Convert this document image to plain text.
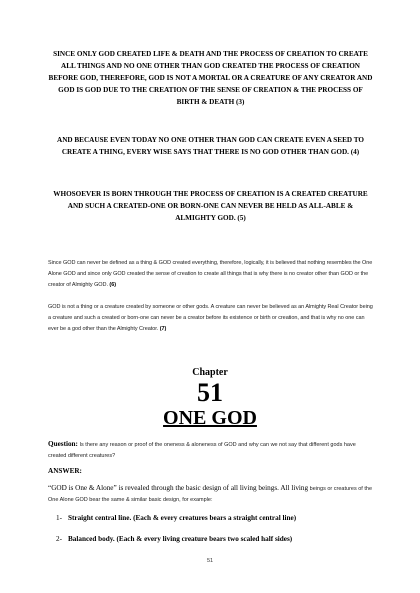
SINCE ONLY GOD CREATED LIFE & DEATH AND THE PROCESS OF CREATION TO CREATE ALL THINGS AND NO ONE OTHER THAN GOD CREATED THE PROCESS OF CREATION BEFORE GOD, THEREFORE, GOD IS NOT A MORTAL OR A CREATURE OF ANY CREATOR AND GOD IS GOD DUE TO THE CREATION OF THE SENSE OF CREATION & THE PROCESS OF BIRTH & DEATH (3)
AND BECAUSE EVEN TODAY NO ONE OTHER THAN GOD CAN CREATE EVEN A SEED TO CREATE A THING, EVERY WISE SAYS THAT THERE IS NO GOD OTHER THAN GOD. (4)
WHOSOEVER IS BORN THROUGH THE PROCESS OF CREATION IS A CREATED CREATURE AND SUCH A CREATED-ONE OR BORN-ONE CAN NEVER BE HELD AS ALL-ABLE & ALMIGHTY GOD. (5)
Since GOD can never be defined as a thing & GOD created everything, therefore, logically, it is believed that nothing resembles the One Alone GOD and since only GOD created the sense of creation to create all things that is why there is no creator other than GOD or the creator of Almighty GOD. (6)
GOD is not a thing or a creature created by someone or other gods. A creature can never be believed as an Almighty Real Creator being a creature and such a created or born-one can never be a creator before its existence or birth or creation, and that is why no one can ever be a god other than the Almighty Creator. (7)
Chapter
51
ONE GOD
Question: Is there any reason or proof of the oneness & aloneness of GOD and why can we not say that different gods have created different creatures?
ANSWER:
“GOD is One & Alone” is revealed through the basic design of all living beings. All living beings or creatures of the One Alone GOD bear the same & similar basic design, for example:
1- Straight central line. (Each & every creatures bears a straight central line)
2- Balanced body. (Each & every living creature bears two scaled half sides)
51
